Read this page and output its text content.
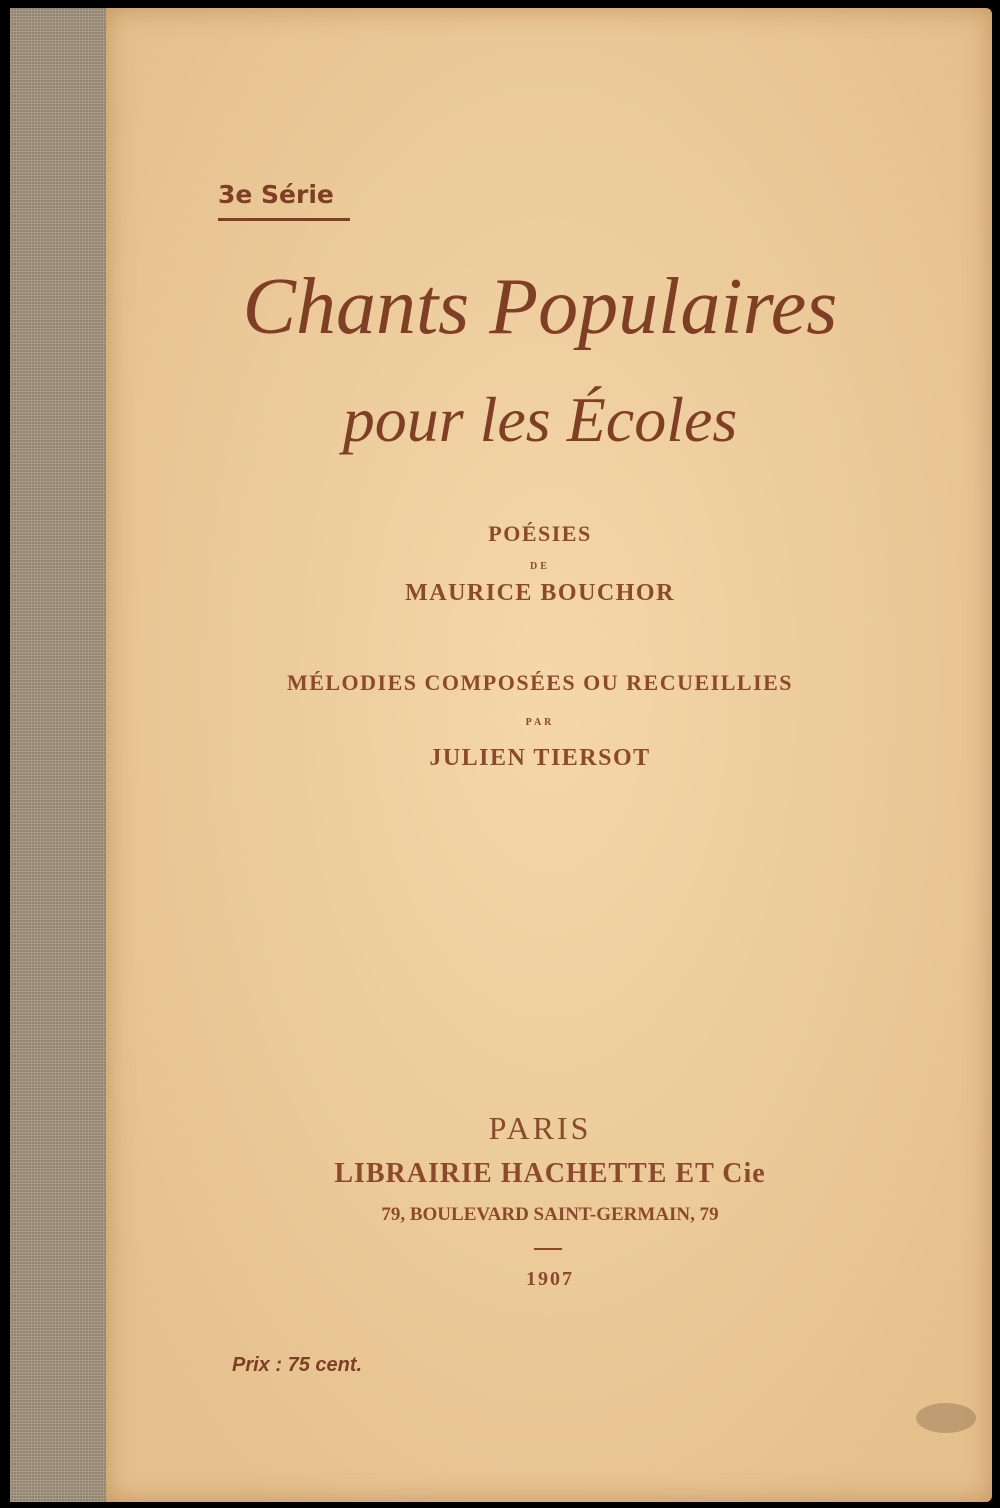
3e Série
Chants Populaires
pour les Écoles
POÉSIES
DE
MAURICE BOUCHOR
MÉLODIES COMPOSÉES OU RECUEILLIES
PAR
JULIEN TIERSOT
PARIS
LIBRAIRIE HACHETTE ET Cie
79, BOULEVARD SAINT-GERMAIN, 79
1907
Prix : 75 cent.
